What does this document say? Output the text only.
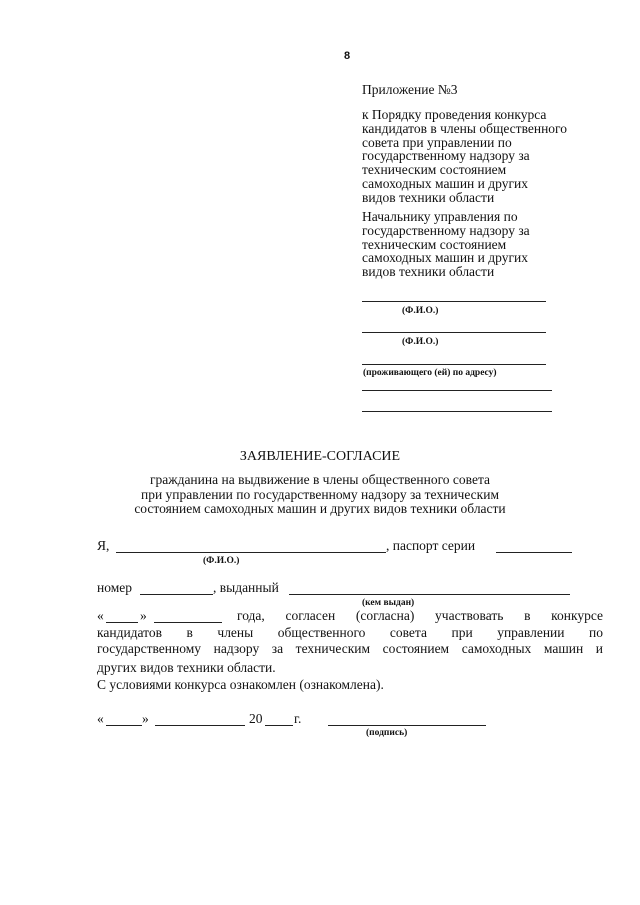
8
Приложение №3
к Порядку проведения конкурса
кандидатов в члены общественного
совета при управлении по
государственному надзору за
техническим состоянием
самоходных машин и других
видов техники области
Начальнику управления по
государственному надзору за
техническим состоянием
самоходных машин и других
видов техники области
(Ф.И.О.)
(Ф.И.О.)
(проживающего (ей) по адресу)
ЗАЯВЛЕНИЕ-СОГЛАСИЕ
гражданина на выдвижение в члены общественного совета
при управлении по государственному надзору за техническим
состоянием самоходных машин и других видов техники области
Я,	, паспорт серии
(Ф.И.О.)
номер	, выданный
(кем выдан)
«	»	года, согласен (согласна) участвовать в конкурсе
кандидатов в члены общественного совета при управлении по
государственному надзору за техническим состоянием самоходных машин и
других видов техники области.
С условиями конкурса ознакомлен (ознакомлена).
«	»	20 г.
(подпись)
